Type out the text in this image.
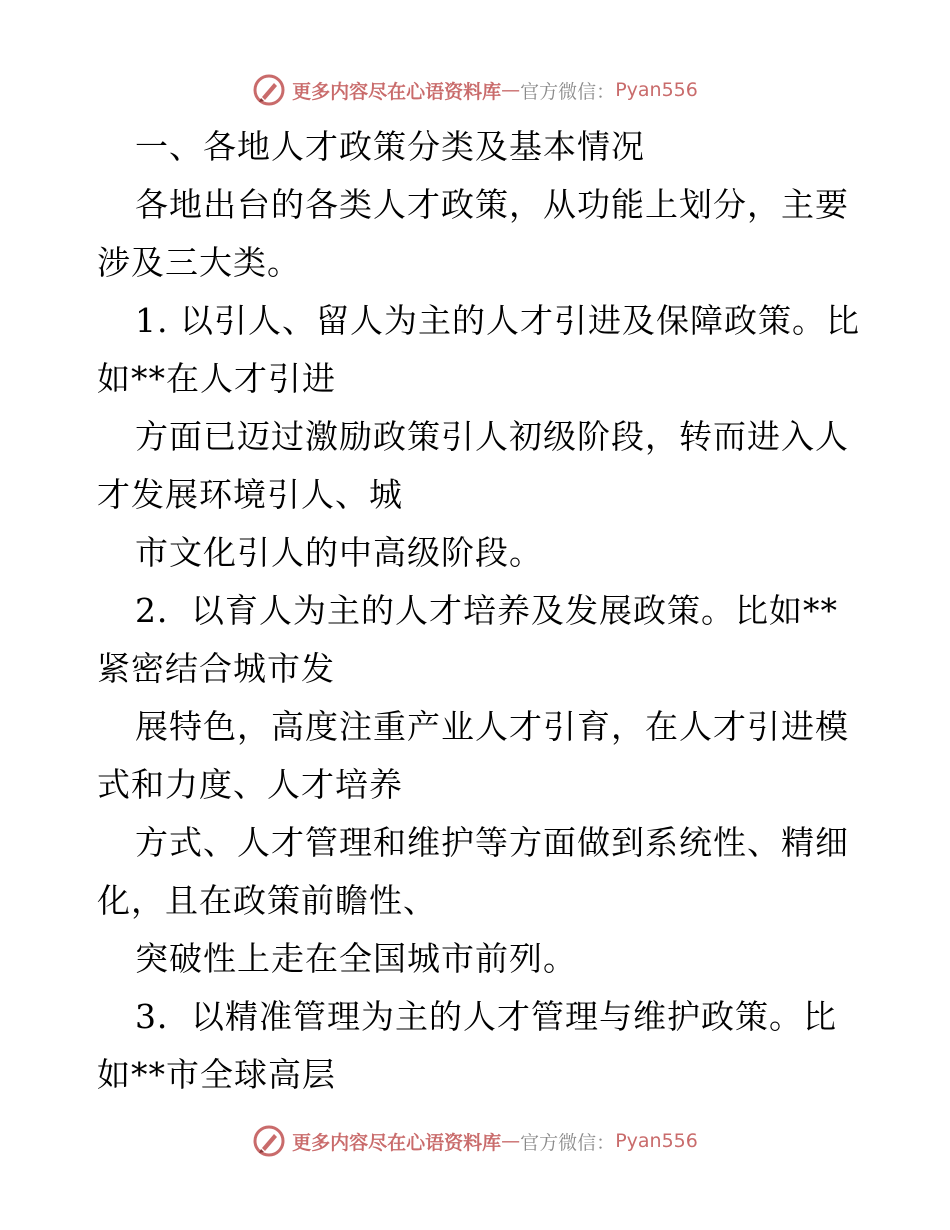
更多内容尽在心语资料库 — 官方微信： Pyan556
一、各地人才政策分类及基本情况
各地出台的各类人才政策，从功能上划分，主要
涉及三大类。
1. 以引人、留人为主的人才引进及保障政策。比
如**在人才引进
方面已迈过激励政策引人初级阶段，转而进入人
才发展环境引人、城
市文化引人的中高级阶段。
2．以育人为主的人才培养及发展政策。比如**
紧密结合城市发
展特色，高度注重产业人才引育，在人才引进模
式和力度、人才培养
方式、人才管理和维护等方面做到系统性、精细
化，且在政策前瞻性、
突破性上走在全国城市前列。
3．以精准管理为主的人才管理与维护政策。比
如**市全球高层
更多内容尽在心语资料库 — 官方微信： Pyan556
